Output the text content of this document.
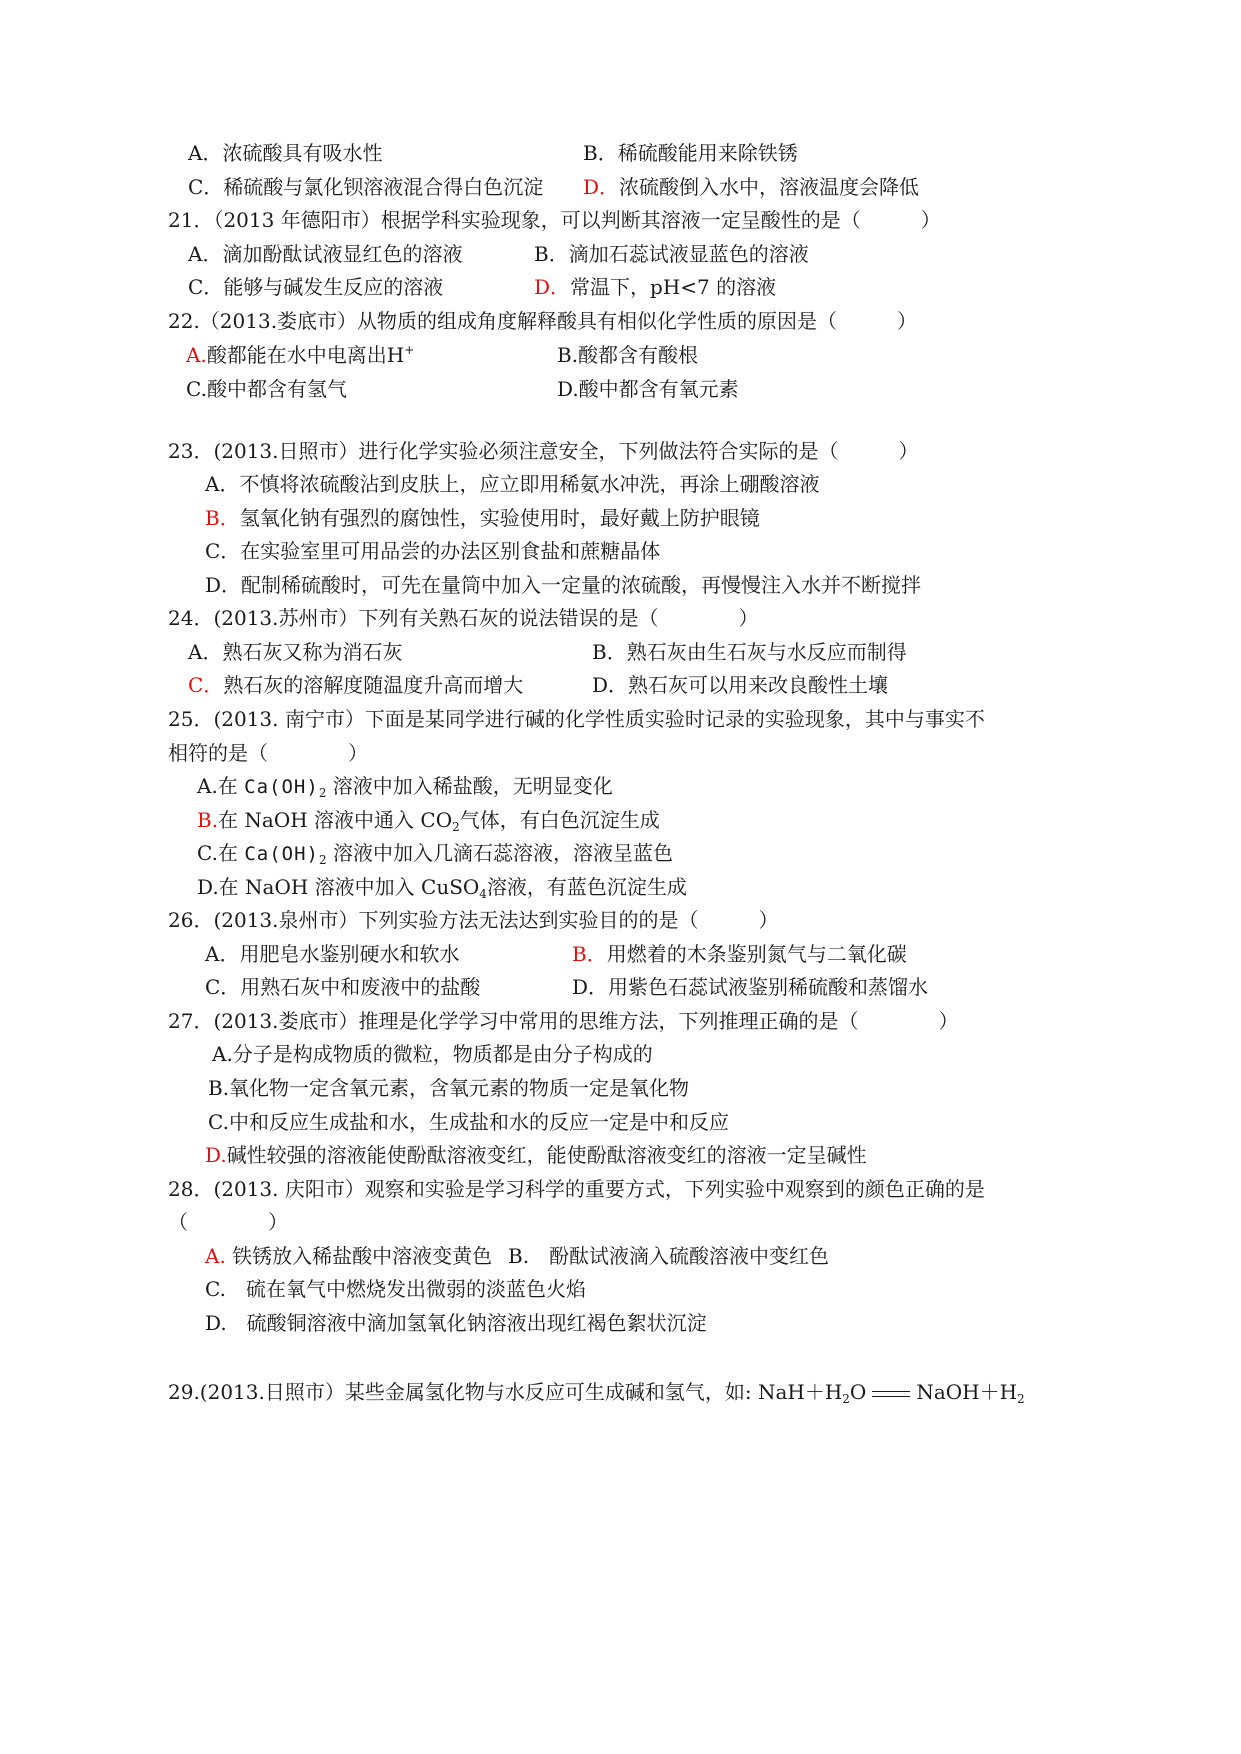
A．浓硫酸具有吸水性	B．稀硫酸能用来除铁锈
C．稀硫酸与氯化钡溶液混合得白色沉淀 D．浓硫酸倒入水中，溶液温度会降低
21．（2013 年德阳市）根据学科实验现象，可以判断其溶液一定呈酸性的是（　　　）
A．滴加酚酞试液显红色的溶液	B．滴加石蕊试液显蓝色的溶液
C．能够与碱发生反应的溶液	D．常温下，pH<7 的溶液
22.（2013.娄底市）从物质的组成角度解释酸具有相似化学性质的原因是（　　　）
A.酸都能在水中电离出H+	B.酸都含有酸根
C.酸中都含有氢气	D.酸中都含有氧元素
23．(2013.日照市）进行化学实验必须注意安全，下列做法符合实际的是（　　　）
A．不慎将浓硫酸沾到皮肤上，应立即用稀氨水冲洗，再涂上硼酸溶液
B．氢氧化钠有强烈的腐蚀性，实验使用时，最好戴上防护眼镜
C．在实验室里可用品尝的办法区别食盐和蔗糖晶体
D．配制稀硫酸时，可先在量筒中加入一定量的浓硫酸，再慢慢注入水并不断搅拌
24．(2013.苏州市）下列有关熟石灰的说法错误的是（　　　　）
A．熟石灰又称为消石灰	B．熟石灰由生石灰与水反应而制得
C．熟石灰的溶解度随温度升高而增大	D．熟石灰可以用来改良酸性土壤
25．(2013. 南宁市）下面是某同学进行碱的化学性质实验时记录的实验现象，其中与事实不
相符的是（　　　　）
A.在 $Ca(OH)_2$ 溶液中加入稀盐酸，无明显变化
B.在 NaOH 溶液中通入 $CO_2$气体，有白色沉淀生成
C.在 $Ca(OH)_2$ 溶液中加入几滴石蕊溶液，溶液呈蓝色
D.在 NaOH 溶液中加入 CuSO$_4$溶液，有蓝色沉淀生成
26．(2013.泉州市）下列实验方法无法达到实验目的的是（　　　）
A．用肥皂水鉴别硬水和软水	B．用燃着的木条鉴别氮气与二氧化碳
C．用熟石灰中和废液中的盐酸	D．用紫色石蕊试液鉴别稀硫酸和蒸馏水
27．(2013.娄底市）推理是化学学习中常用的思维方法，下列推理正确的是（　　　　）
A.分子是构成物质的微粒，物质都是由分子构成的
B.氧化物一定含氧元素，含氧元素的物质一定是氧化物
C.中和反应生成盐和水，生成盐和水的反应一定是中和反应
D.碱性较强的溶液能使酚酞溶液变红，能使酚酞溶液变红的溶液一定呈碱性
28．(2013. 庆阳市）观察和实验是学习科学的重要方式，下列实验中观察到的颜色正确的是
（　　　　）
A. 铁锈放入稀盐酸中溶液变黄色 B.　酚酞试液滴入硫酸溶液中变红色
C.　硫在氧气中燃烧发出微弱的淡蓝色火焰
D.　硫酸铜溶液中滴加氢氧化钠溶液出现红褐色絮状沉淀
29.(2013.日照市）某些金属氢化物与水反应可生成碱和氢气，如: $NaH+H_2O$	$NaOH+H_2$
